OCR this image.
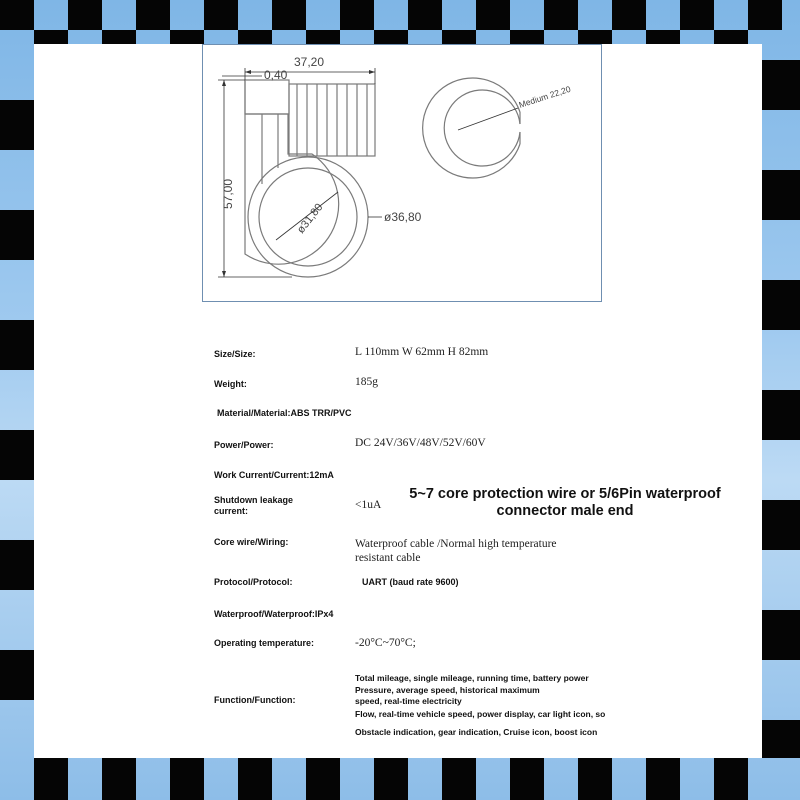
37,20
0,40
57,00
ø31,80	ø36,80
Medium 22,20
Size/Size:	L 110mm W 62mm H 82mm
Weight:	185g
Material/Material:ABS TRR/PVC
Power/Power:	DC 24V/36V/48V/52V/60V
Work Current/Current:12mA
Shutdown leakage
current:	<1uA
5~7 core protection wire or 5/6Pin waterproof
connector male end
Core wire/Wiring:	Waterproof cable /Normal high temperature
resistant cable
Protocol/Protocol:	UART (baud rate 9600)
Waterproof/Waterproof:IPx4
Operating temperature:	-20°C~70°C;
Function/Function:
Total mileage, single mileage, running time, battery power
Pressure, average speed, historical maximum
speed, real-time electricity
Flow, real-time vehicle speed, power display, car light icon, so
Obstacle indication, gear indication, Cruise icon, boost icon
